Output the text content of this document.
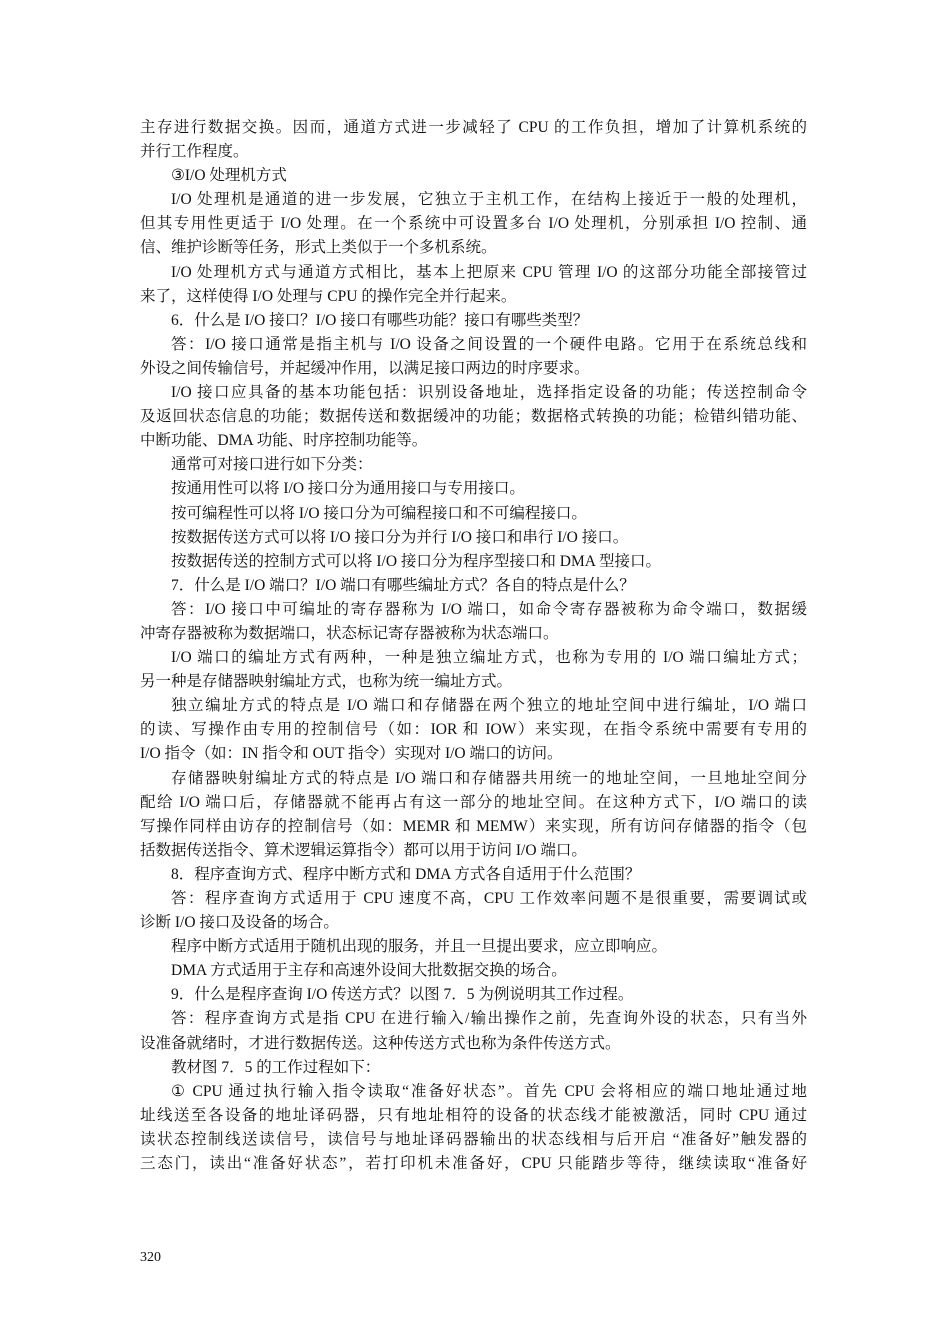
主存进行数据交换。因而，通道方式进一步减轻了 CPU 的工作负担，增加了计算机系统的
并行工作程度。
③I/O 处理机方式
I/O 处理机是通道的进一步发展，它独立于主机工作，在结构上接近于一般的处理机，
但其专用性更适于 I/O 处理。在一个系统中可设置多台 I/O 处理机，分别承担 I/O 控制、通
信、维护诊断等任务，形式上类似于一个多机系统。
I/O 处理机方式与通道方式相比，基本上把原来 CPU 管理 I/O 的这部分功能全部接管过
来了，这样使得 I/O 处理与 CPU 的操作完全并行起来。
6．什么是 I/O 接口？I/O 接口有哪些功能？接口有哪些类型？
答：I/O 接口通常是指主机与 I/O 设备之间设置的一个硬件电路。它用于在系统总线和
外设之间传输信号，并起缓冲作用，以满足接口两边的时序要求。
I/O 接口应具备的基本功能包括：识别设备地址，选择指定设备的功能；传送控制命令
及返回状态信息的功能；数据传送和数据缓冲的功能；数据格式转换的功能；检错纠错功能、
中断功能、DMA 功能、时序控制功能等。
通常可对接口进行如下分类：
按通用性可以将 I/O 接口分为通用接口与专用接口。
按可编程性可以将 I/O 接口分为可编程接口和不可编程接口。
按数据传送方式可以将 I/O 接口分为并行 I/O 接口和串行 I/O 接口。
按数据传送的控制方式可以将 I/O 接口分为程序型接口和 DMA 型接口。
7．什么是 I/O 端口？I/O 端口有哪些编址方式？各自的特点是什么？
答：I/O 接口中可编址的寄存器称为 I/O 端口，如命令寄存器被称为命令端口，数据缓
冲寄存器被称为数据端口，状态标记寄存器被称为状态端口。
I/O 端口的编址方式有两种，一种是独立编址方式，也称为专用的 I/O 端口编址方式；
另一种是存储器映射编址方式，也称为统一编址方式。
独立编址方式的特点是 I/O 端口和存储器在两个独立的地址空间中进行编址，I/O 端口
的读、写操作由专用的控制信号（如：IOR 和 IOW）来实现，在指令系统中需要有专用的
I/O 指令（如：IN 指令和 OUT 指令）实现对 I/O 端口的访问。
存储器映射编址方式的特点是 I/O 端口和存储器共用统一的地址空间，一旦地址空间分
配给 I/O 端口后，存储器就不能再占有这一部分的地址空间。在这种方式下，I/O 端口的读
写操作同样由访存的控制信号（如：MEMR 和 MEMW）来实现，所有访问存储器的指令（包
括数据传送指令、算术逻辑运算指令）都可以用于访问 I/O 端口。
8．程序查询方式、程序中断方式和 DMA 方式各自适用于什么范围？
答：程序查询方式适用于 CPU 速度不高，CPU 工作效率问题不是很重要，需要调试或
诊断 I/O 接口及设备的场合。
程序中断方式适用于随机出现的服务，并且一旦提出要求，应立即响应。
DMA 方式适用于主存和高速外设间大批数据交换的场合。
9．什么是程序查询 I/O 传送方式？以图 7．5 为例说明其工作过程。
答：程序查询方式是指 CPU 在进行输入/输出操作之前，先查询外设的状态，只有当外
设准备就绪时，才进行数据传送。这种传送方式也称为条件传送方式。
教材图 7．5 的工作过程如下：
① CPU 通过执行输入指令读取“准备好状态”。首先 CPU 会将相应的端口地址通过地
址线送至各设备的地址译码器，只有地址相符的设备的状态线才能被激活，同时 CPU 通过
读状态控制线送读信号，读信号与地址译码器输出的状态线相与后开启 “准备好”触发器的
三态门，读出“准备好状态”，若打印机未准备好，CPU 只能踏步等待，继续读取“准备好
320
